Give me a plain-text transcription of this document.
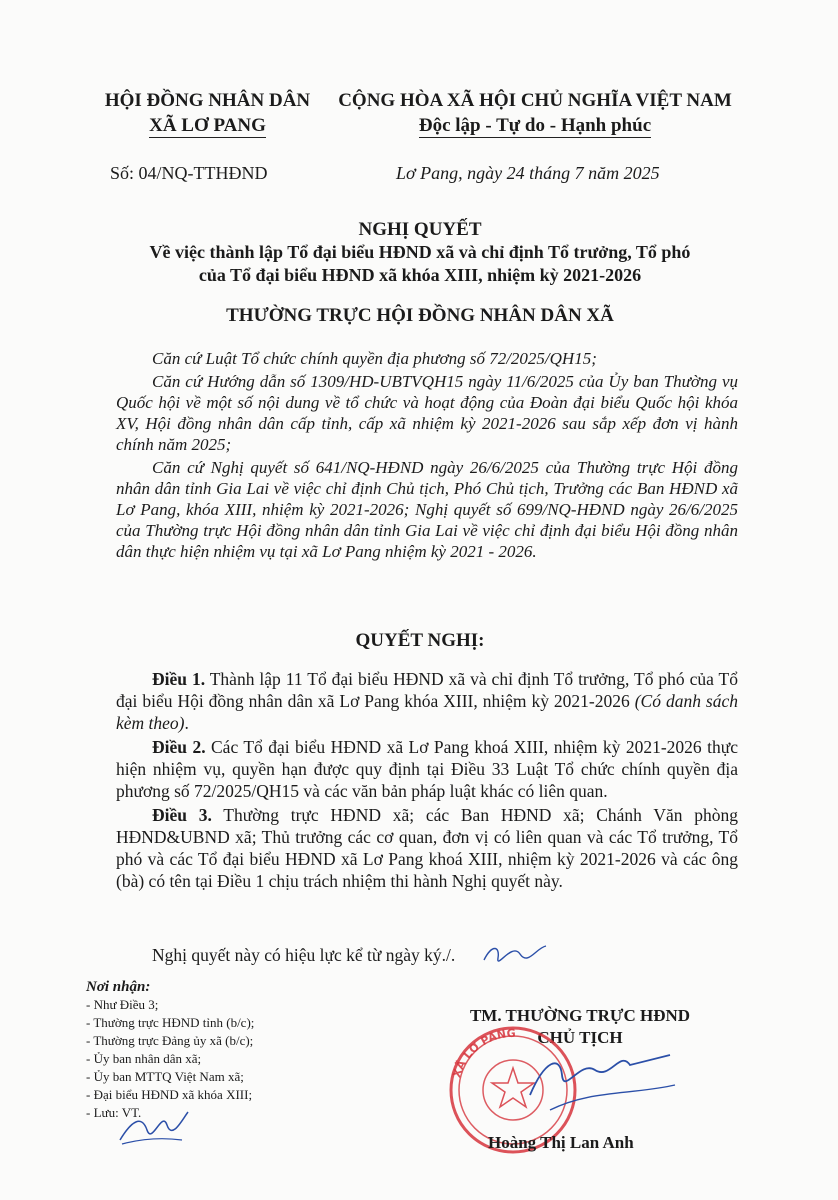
HỘI ĐỒNG NHÂN DÂN
XÃ LƠ PANG
CỘNG HÒA XÃ HỘI CHỦ NGHĨA VIỆT NAM
Độc lập - Tự do - Hạnh phúc
Số: 04/NQ-TTHĐND	Lơ Pang, ngày 24 tháng 7 năm 2025
NGHỊ QUYẾT
Về việc thành lập Tổ đại biểu HĐND xã và chỉ định Tổ trưởng, Tổ phó
của Tổ đại biểu HĐND xã khóa XIII, nhiệm kỳ 2021-2026
THƯỜNG TRỰC HỘI ĐỒNG NHÂN DÂN XÃ

Căn cứ Luật Tổ chức chính quyền địa phương số 72/2025/QH15;

Căn cứ Hướng dẫn số 1309/HD-UBTVQH15 ngày 11/6/2025 của Ủy ban Thường vụ Quốc hội về một số nội dung về tổ chức và hoạt động của Đoàn đại biểu Quốc hội khóa XV, Hội đồng nhân dân cấp tỉnh, cấp xã nhiệm kỳ 2021-2026 sau sắp xếp đơn vị hành chính năm 2025;

Căn cứ Nghị quyết số 641/NQ-HĐND ngày 26/6/2025 của Thường trực Hội đồng nhân dân tỉnh Gia Lai về việc chỉ định Chủ tịch, Phó Chủ tịch, Trưởng các Ban HĐND xã Lơ Pang, khóa XIII, nhiệm kỳ 2021-2026; Nghị quyết số 699/NQ-HĐND ngày 26/6/2025 của Thường trực Hội đồng nhân dân tỉnh Gia Lai về việc chỉ định đại biểu Hội đồng nhân dân thực hiện nhiệm vụ tại xã Lơ Pang nhiệm kỳ 2021 - 2026.

QUYẾT NGHỊ:

Điều 1. Thành lập 11 Tổ đại biểu HĐND xã và chỉ định Tổ trưởng, Tổ phó của Tổ đại biểu Hội đồng nhân dân xã Lơ Pang khóa XIII, nhiệm kỳ 2021-2026 (Có danh sách kèm theo).

Điều 2. Các Tổ đại biểu HĐND xã Lơ Pang khoá XIII, nhiệm kỳ 2021-2026 thực hiện nhiệm vụ, quyền hạn được quy định tại Điều 33 Luật Tổ chức chính quyền địa phương số 72/2025/QH15 và các văn bản pháp luật khác có liên quan.

Điều 3. Thường trực HĐND xã; các Ban HĐND xã; Chánh Văn phòng HĐND&UBND xã; Thủ trưởng các cơ quan, đơn vị có liên quan và các Tổ trưởng, Tổ phó và các Tổ đại biểu HĐND xã Lơ Pang khoá XIII, nhiệm kỳ 2021-2026 và các ông (bà) có tên tại Điều 1 chịu trách nhiệm thi hành Nghị quyết này.

Nghị quyết này có hiệu lực kể từ ngày ký./.
Nơi nhận:
- Như Điều 3;
- Thường trực HĐND tỉnh (b/c);
- Thường trực Đảng ủy xã (b/c);
- Ủy ban nhân dân xã;
- Ủy ban MTTQ Việt Nam xã;
- Đại biểu HĐND xã khóa XIII;
- Lưu: VT.
TM. THƯỜNG TRỰC HĐND
CHỦ TỊCH
XÃ LƠ PANG
Hoàng Thị Lan Anh
